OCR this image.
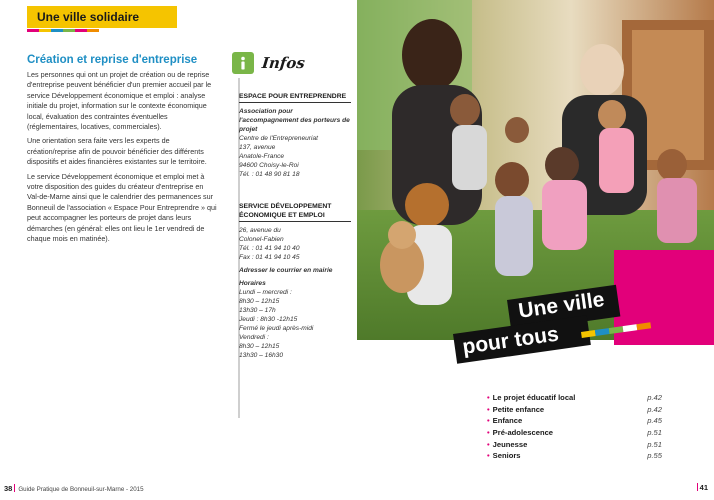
Une ville solidaire
Création et reprise d'entreprise

Les personnes qui ont un projet de création ou de reprise d'entreprise peuvent bénéficier d'un premier accueil par le service Développement économique et emploi : analyse initiale du projet, information sur le contexte économique local, évaluation des contraintes éventuelles (réglementaires, locatives, commerciales).

Une orientation sera faite vers les experts de création/reprise afin de pouvoir bénéficier des différents dispositifs et aides financières existantes sur le territoire.

Le service Développement économique et emploi met à votre disposition des guides du créateur d'entreprise en Val-de-Marne ainsi que le calendrier des permanences sur Bonneuil de l'association « Espace Pour Entreprendre » qui peut accompagner les porteurs de projet dans leurs démarches (en général: elles ont lieu le 1er vendredi de chaque mois en matinée).

Infos
ESPACE POUR ENTREPRENDRE
Association pour l'accompagnement des porteurs de projet
Centre de l'Entrepreneuriat
137, avenue
Anatole-France
94600 Choisy-le-Roi
Tél. : 01 48 90 81 18
SERVICE DÉVELOPPEMENT ÉCONOMIQUE ET EMPLOI
26, avenue du
Colonel-Fabien
Tél. : 01 41 94 10 40
Fax : 01 41 94 10 45
Adresser le courrier en mairie
Horaires
Lundi – mercredi :
8h30 – 12h15
13h30 – 17h
Jeudi : 8h30 -12h15
Fermé le jeudi après-midi
Vendredi :
8h30 – 12h15
13h30 – 16h30
38 Guide Pratique de Bonneuil-sur-Marne - 2015
Une ville
pour tous
• Le projet éducatif local	p.42
• Petite enfance	p.42
• Enfance	p.45
• Pré-adolescence	p.51
• Jeunesse	p.51
• Seniors	p.55
41
